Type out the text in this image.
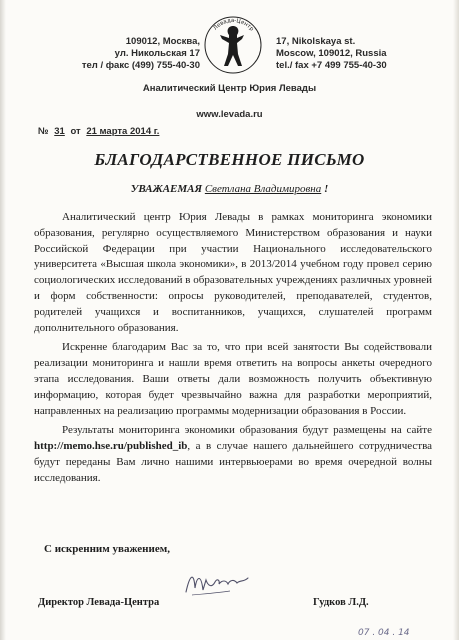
109012, Москва,
ул. Никольская 17
тел / факс (499) 755-40-30
Левада-Центр
17, Nikolskaya st.
Moscow, 109012, Russia
tel./ fax +7 499 755-40-30
Аналитический Центр Юрия Левады
www.levada.ru
№ 31 от 21 марта 2014 г.
БЛАГОДАРСТВЕННОЕ ПИСЬМО
УВАЖАЕМАЯ Светлана Владимировна !

Аналитический центр Юрия Левады в рамках мониторинга экономики образования, регулярно осуществляемого Министерством образования и науки Российской Федерации при участии Национального исследовательского университета «Высшая школа экономики», в 2013/2014 учебном году провел серию социологических исследований в образовательных учреждениях различных уровней и форм собственности: опросы руководителей, преподавателей, студентов, родителей учащихся и воспитанников, учащихся, слушателей программ дополнительного образования.

Искренне благодарим Вас за то, что при всей занятости Вы содействовали реализации мониторинга и нашли время ответить на вопросы анкеты очередного этапа исследования. Ваши ответы дали возможность получить объективную информацию, которая будет чрезвычайно важна для разработки мероприятий, направленных на реализацию программы модернизации образования в России.

Результаты мониторинга экономики образования будут размещены на сайте http://memo.hse.ru/published_ib, а в случае нашего дальнейшего сотрудничества будут переданы Вам лично нашими интервьюерами во время очередной волны исследования.

С искренним уважением,
Директор Левада-Центра	Гудков Л.Д.
07 . 04 . 14
